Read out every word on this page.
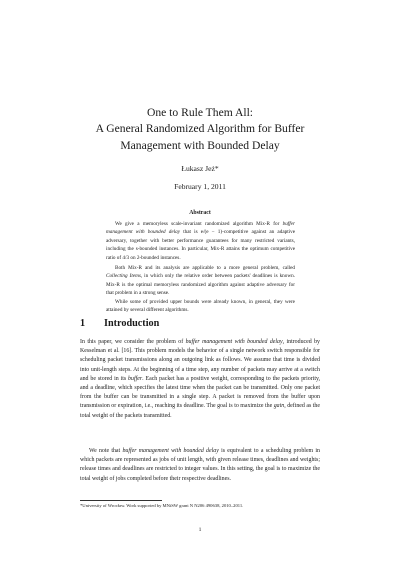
One to Rule Them All:
A General Randomized Algorithm for Buffer
Management with Bounded Delay
Łukasz Jeż*
February 1, 2011
Abstract
We give a memoryless scale-invariant randomized algorithm Mix-R for buffer management with bounded delay that is e/(e − 1)-competitive against an adaptive adversary, together with better performance guarantees for many restricted variants, including the s-bounded instances. In particular, Mix-R attains the optimum competitive ratio of 4/3 on 2-bounded instances.
Both Mix-R and its analysis are applicable to a more general problem, called Collecting Items, in which only the relative order between packets' deadlines is known. Mix-R is the optimal memoryless randomized algorithm against adaptive adversary for that problem in a strong sense.
While some of provided upper bounds were already known, in general, they were attained by several different algorithms.
1 Introduction
In this paper, we consider the problem of buffer management with bounded delay, introduced by Kesselman et al. [16]. This problem models the behavior of a single network switch responsible for scheduling packet transmissions along an outgoing link as follows. We assume that time is divided into unit-length steps. At the beginning of a time step, any number of packets may arrive at a switch and be stored in its buffer. Each packet has a positive weight, corresponding to the packets priority, and a deadline, which specifies the latest time when the packet can be transmitted. Only one packet from the buffer can be transmitted in a single step. A packet is removed from the buffer upon transmission or expiration, i.e., reaching its deadline. The goal is to maximize the gain, defined as the total weight of the packets transmitted.
We note that buffer management with bounded delay is equivalent to a scheduling problem in which packets are represented as jobs of unit length, with given release times, deadlines and weights; release times and deadlines are restricted to integer values. In this setting, the goal is to maximize the total weight of jobs completed before their respective deadlines.
*University of Wrocław. Work supported by MNiSW grant N N206 490638, 2010–2011.
1
